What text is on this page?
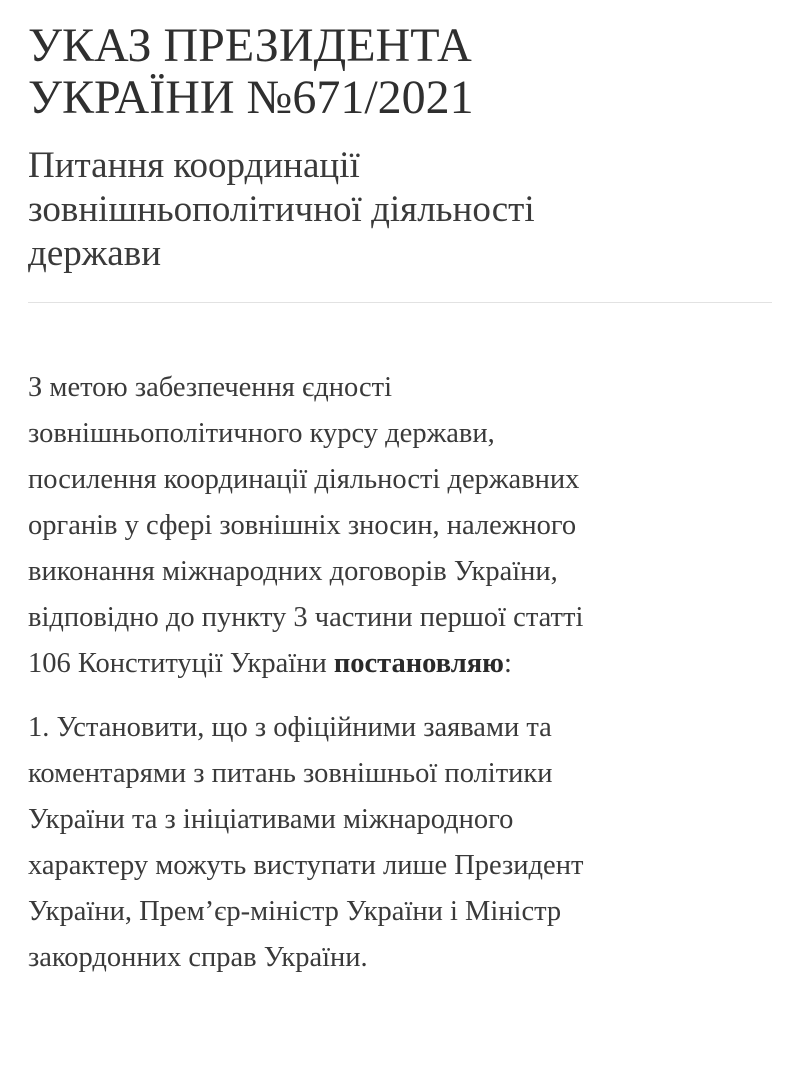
УКАЗ ПРЕЗИДЕНТА
УКРАЇНИ №671/2021
Питання координації
зовнішньополітичної діяльності
держави

З метою забезпечення єдності
зовнішньополітичного курсу держави,
посилення координації діяльності державних
органів у сфері зовнішніх зносин, належного
виконання міжнародних договорів України,
відповідно до пункту 3 частини першої статті
106 Конституції України постановляю:

1. Установити, що з офіційними заявами та
коментарями з питань зовнішньої політики
України та з ініціативами міжнародного
характеру можуть виступати лише Президент
України, Прем’єр-міністр України і Міністр
закордонних справ України.
